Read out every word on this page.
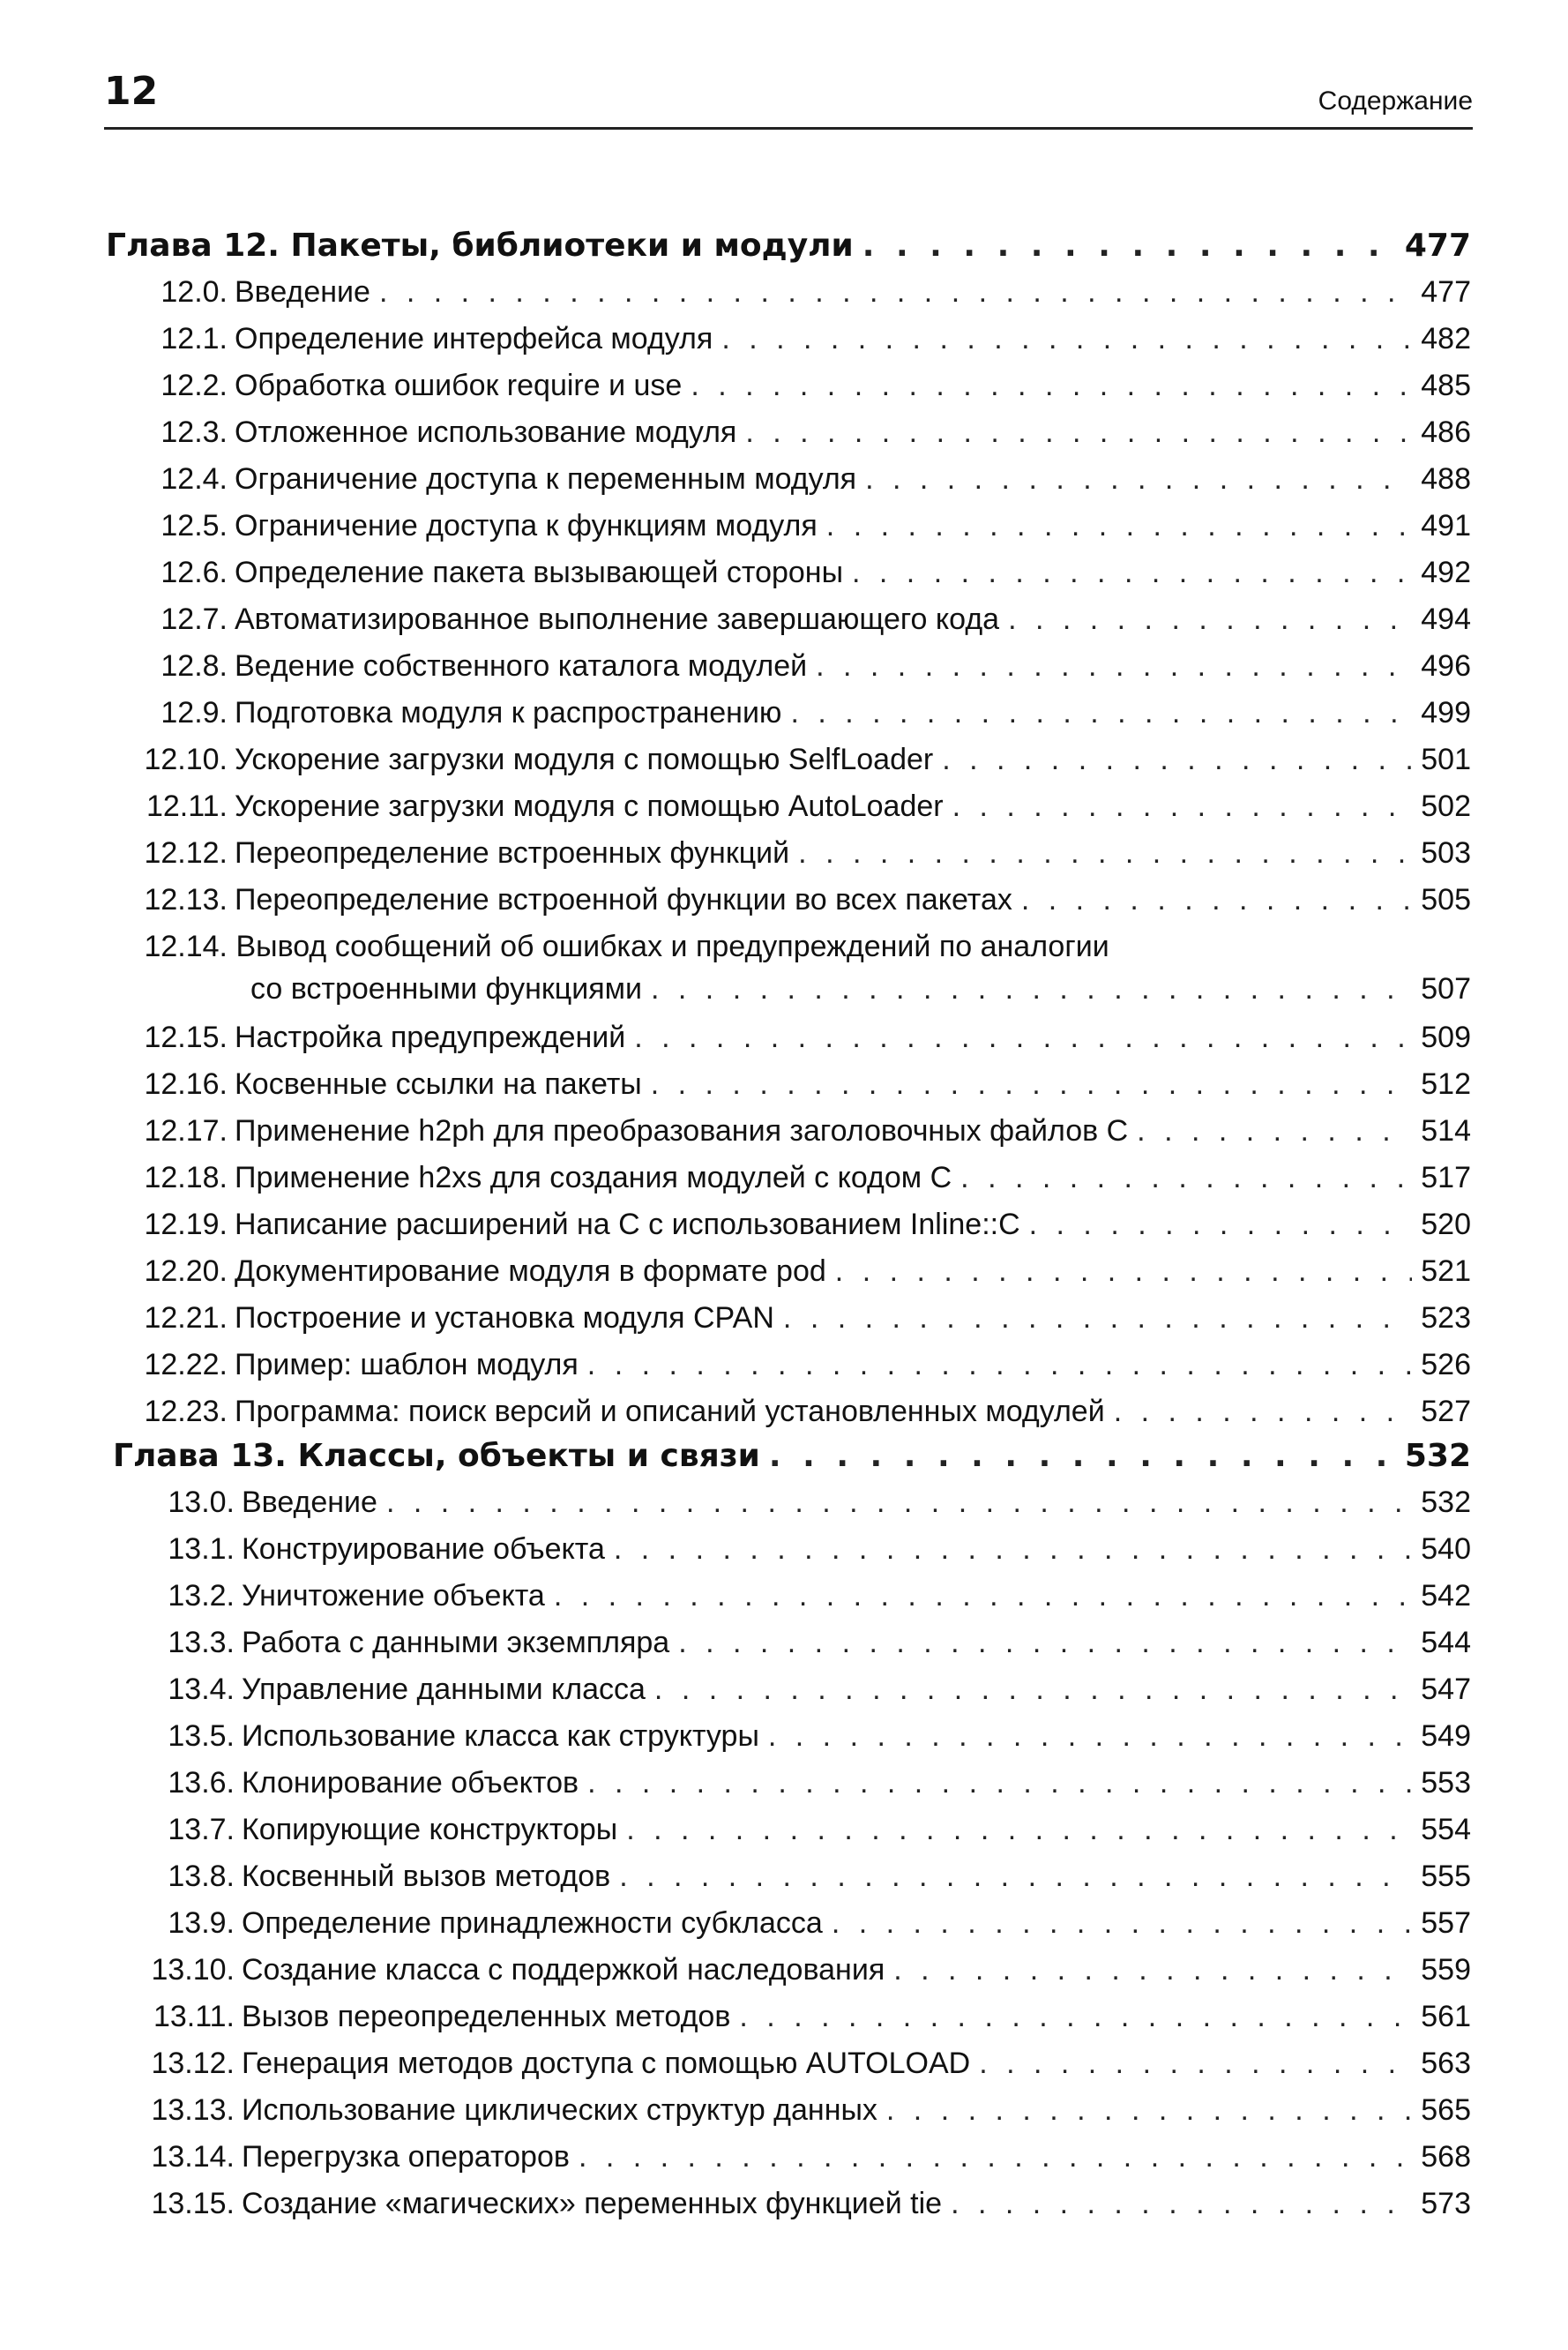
12	Содержание
Глава 12. Пакеты, библиотеки и модули . . .	477
12.0. Введение . . .	477
12.1. Определение интерфейса модуля . . .	482
12.2. Обработка ошибок require и use . . .	485
12.3. Отложенное использование модуля . . .	486
12.4. Ограничение доступа к переменным модуля . . .	488
12.5. Ограничение доступа к функциям модуля . . .	491
12.6. Определение пакета вызывающей стороны . . .	492
12.7. Автоматизированное выполнение завершающего кода . . .	494
12.8. Ведение собственного каталога модулей . . .	496
12.9. Подготовка модуля к распространению . . .	499
12.10. Ускорение загрузки модуля с помощью SelfLoader . . .	501
12.11. Ускорение загрузки модуля с помощью AutoLoader . . .	502
12.12. Переопределение встроенных функций . . .	503
12.13. Переопределение встроенной функции во всех пакетах . . .	505
12.14. Вывод сообщений об ошибках и предупреждений по аналогии
со встроенными функциями . . .	507
12.15. Настройка предупреждений . . .	509
12.16. Косвенные ссылки на пакеты . . .	512
12.17. Применение h2ph для преобразования заголовочных файлов С . . .	514
12.18. Применение h2xs для создания модулей с кодом С . . .	517
12.19. Написание расширений на С с использованием Inline::C . . .	520
12.20. Документирование модуля в формате pod . . .	521
12.21. Построение и установка модуля CPAN . . .	523
12.22. Пример: шаблон модуля . . .	526
12.23. Программа: поиск версий и описаний установленных модулей . . .	527
Глава 13. Классы, объекты и связи . . .	532
13.0. Введение . . .	532
13.1. Конструирование объекта . . .	540
13.2. Уничтожение объекта . . .	542
13.3. Работа с данными экземпляра . . .	544
13.4. Управление данными класса . . .	547
13.5. Использование класса как структуры . . .	549
13.6. Клонирование объектов . . .	553
13.7. Копирующие конструкторы . . .	554
13.8. Косвенный вызов методов . . .	555
13.9. Определение принадлежности субкласса . . .	557
13.10. Создание класса с поддержкой наследования . . .	559
13.11. Вызов переопределенных методов . . .	561
13.12. Генерация методов доступа с помощью AUTOLOAD . . .	563
13.13. Использование циклических структур данных . . .	565
13.14. Перегрузка операторов . . .	568
13.15. Создание «магических» переменных функцией tie . . .	573
